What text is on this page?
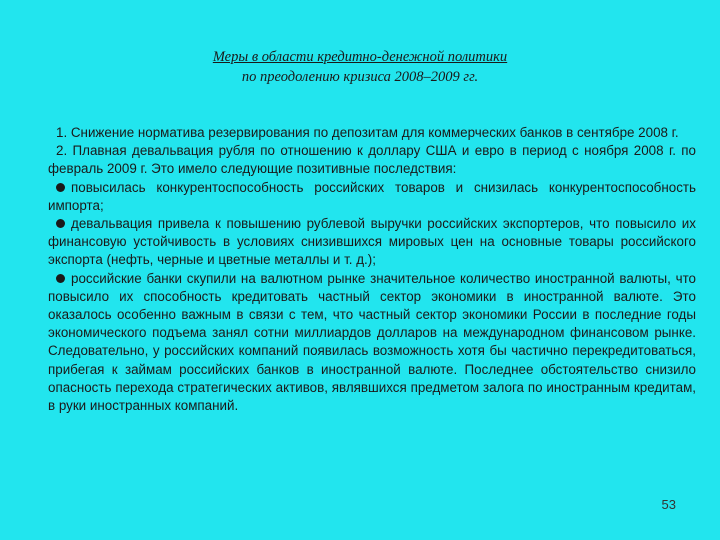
Меры в области кредитно-денежной политики
по преодолению кризиса 2008–2009 гг.

1. Снижение норматива резервирования по депозитам для коммерческих банков в сентябре 2008 г.

2. Плавная девальвация рубля по отношению к доллару США и евро в период с ноября 2008 г. по февраль 2009 г. Это имело следующие позитивные последствия:

повысилась конкурентоспособность российских товаров и снизилась конкурентоспособность импорта;

девальвация привела к повышению рублевой выручки российских экспортеров, что повысило их финансовую устойчивость в условиях снизившихся мировых цен на основные товары российского экспорта (нефть, черные и цветные металлы и т. д.);

российские банки скупили на валютном рынке значительное количество иностранной валюты, что повысило их способность кредитовать частный сектор экономики в иностранной валюте. Это оказалось особенно важным в связи с тем, что частный сектор экономики России в последние годы экономического подъема занял сотни миллиардов долларов на международном финансовом рынке. Следовательно, у российских компаний появилась возможность хотя бы частично перекредитоваться, прибегая к займам российских банков в иностранной валюте. Последнее обстоятельство снизило опасность перехода стратегических активов, являвшихся предметом залога по иностранным кредитам, в руки иностранных компаний.

53
